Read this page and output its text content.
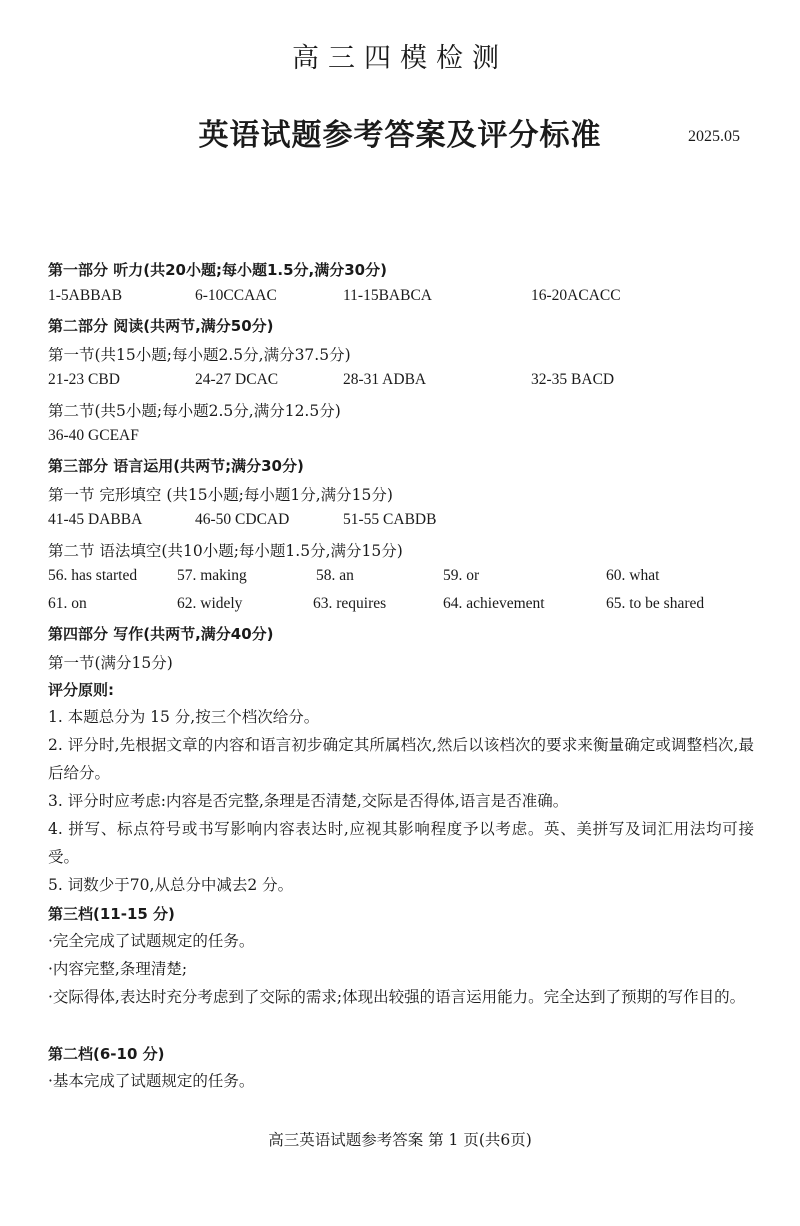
高三四模检测
英语试题参考答案及评分标准	2025.05
第一部分 听力(共20小题;每小题1.5分,满分30分)
1-5ABBAB	6-10CCAAC	11-15BABCA	16-20ACACC
第二部分 阅读(共两节,满分50分)
第一节(共15小题;每小题2.5分,满分37.5分)
21-23 CBD	24-27 DCAC	28-31 ADBA	32-35 BACD
第二节(共5小题;每小题2.5分,满分12.5分)
36-40 GCEAF
第三部分 语言运用(共两节;满分30分)
第一节 完形填空 (共15小题;每小题1分,满分15分)
41-45 DABBA	46-50 CDCAD	51-55 CABDB
第二节 语法填空(共10小题;每小题1.5分,满分15分)
56. has started	57. making	58. an	59. or	60. what
61. on	62. widely	63. requires	64. achievement	65. to be shared
第四部分 写作(共两节,满分40分)
第一节(满分15分)
评分原则:
1. 本题总分为 15 分,按三个档次给分。
2. 评分时,先根据文章的内容和语言初步确定其所属档次,然后以该档次的要求来衡量确定或调整档次,最后给分。
3. 评分时应考虑:内容是否完整,条理是否清楚,交际是否得体,语言是否准确。
4. 拼写、标点符号或书写影响内容表达时,应视其影响程度予以考虑。英、美拼写及词汇用法均可接受。
5. 词数少于70,从总分中减去2 分。
第三档(11-15 分)
·完全完成了试题规定的任务。
·内容完整,条理清楚;
·交际得体,表达时充分考虑到了交际的需求;体现出较强的语言运用能力。完全达到了预期的写作目的。
第二档(6-10 分)
·基本完成了试题规定的任务。
高三英语试题参考答案 第 1 页(共6页)
